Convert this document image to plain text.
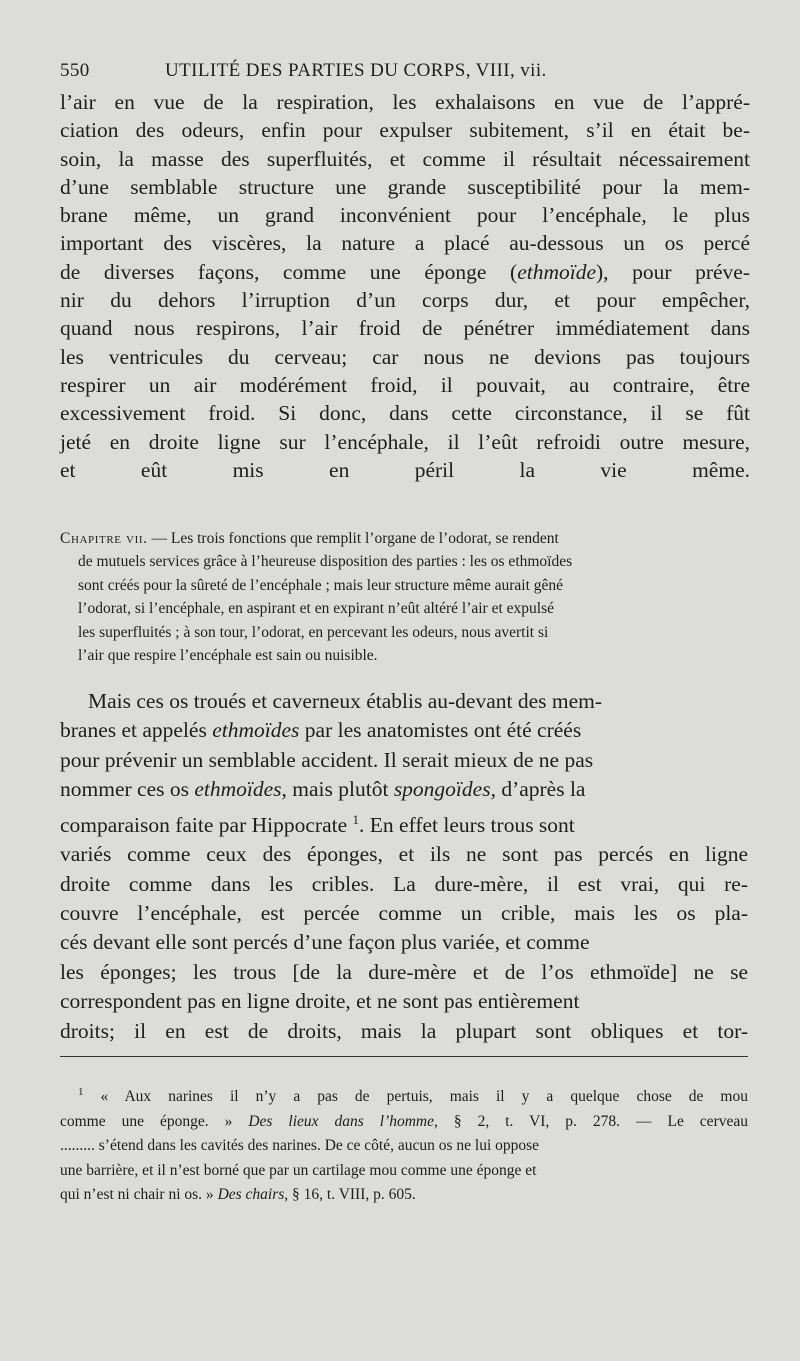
550	UTILITÉ DES PARTIES DU CORPS, VIII, vii.
l’air en vue de la respiration, les exhalaisons en vue de l’appré-
ciation des odeurs, enfin pour expulser subitement, s’il en était be-
soin, la masse des superfluités, et comme il résultait nécessairement
d’une semblable structure une grande susceptibilité pour la mem-
brane même, un grand inconvénient pour l’encéphale, le plus
important des viscères, la nature a placé au-dessous un os percé
de diverses façons, comme une éponge (ethmoïde), pour préve-
nir du dehors l’irruption d’un corps dur, et pour empêcher,
quand nous respirons, l’air froid de pénétrer immédiatement dans
les ventricules du cerveau; car nous ne devions pas toujours
respirer un air modérément froid, il pouvait, au contraire, être
excessivement froid. Si donc, dans cette circonstance, il se fût
jeté en droite ligne sur l’encéphale, il l’eût refroidi outre mesure,
et eût mis en péril la vie même.
Chapitre vii. — Les trois fonctions que remplit l’organe de l’odorat, se rendent
de mutuels services grâce à l’heureuse disposition des parties : les os ethmoïdes
sont créés pour la sûreté de l’encéphale ; mais leur structure même aurait gêné
l’odorat, si l’encéphale, en aspirant et en expirant n’eût altéré l’air et expulsé
les superfluités ; à son tour, l’odorat, en percevant les odeurs, nous avertit si
l’air que respire l’encéphale est sain ou nuisible.
Mais ces os troués et caverneux établis au-devant des mem-
branes et appelés ethmoïdes par les anatomistes ont été créés
pour prévenir un semblable accident. Il serait mieux de ne pas
nommer ces os ethmoïdes, mais plutôt spongoïdes, d’après la
comparaison faite par Hippocrate $^1$. En effet leurs trous sont
variés comme ceux des éponges, et ils ne sont pas percés en ligne
droite comme dans les cribles. La dure-mère, il est vrai, qui re-
couvre l’encéphale, est percée comme un crible, mais les os pla-
cés devant elle sont percés d’une façon plus variée, et comme
les éponges; les trous [de la dure-mère et de l’os ethmoïde] ne se
correspondent pas en ligne droite, et ne sont pas entièrement
droits; il en est de droits, mais la plupart sont obliques et tor-
$^1$ « Aux narines il n’y a pas de pertuis, mais il y a quelque chose de mou
comme une éponge. » Des lieux dans l’homme, § 2, t. VI, p. 278. — Le cerveau
......... s’étend dans les cavités des narines. De ce côté, aucun os ne lui oppose
une barrière, et il n’est borné que par un cartilage mou comme une éponge et
qui n’est ni chair ni os. » Des chairs, § 16, t. VIII, p. 605.
